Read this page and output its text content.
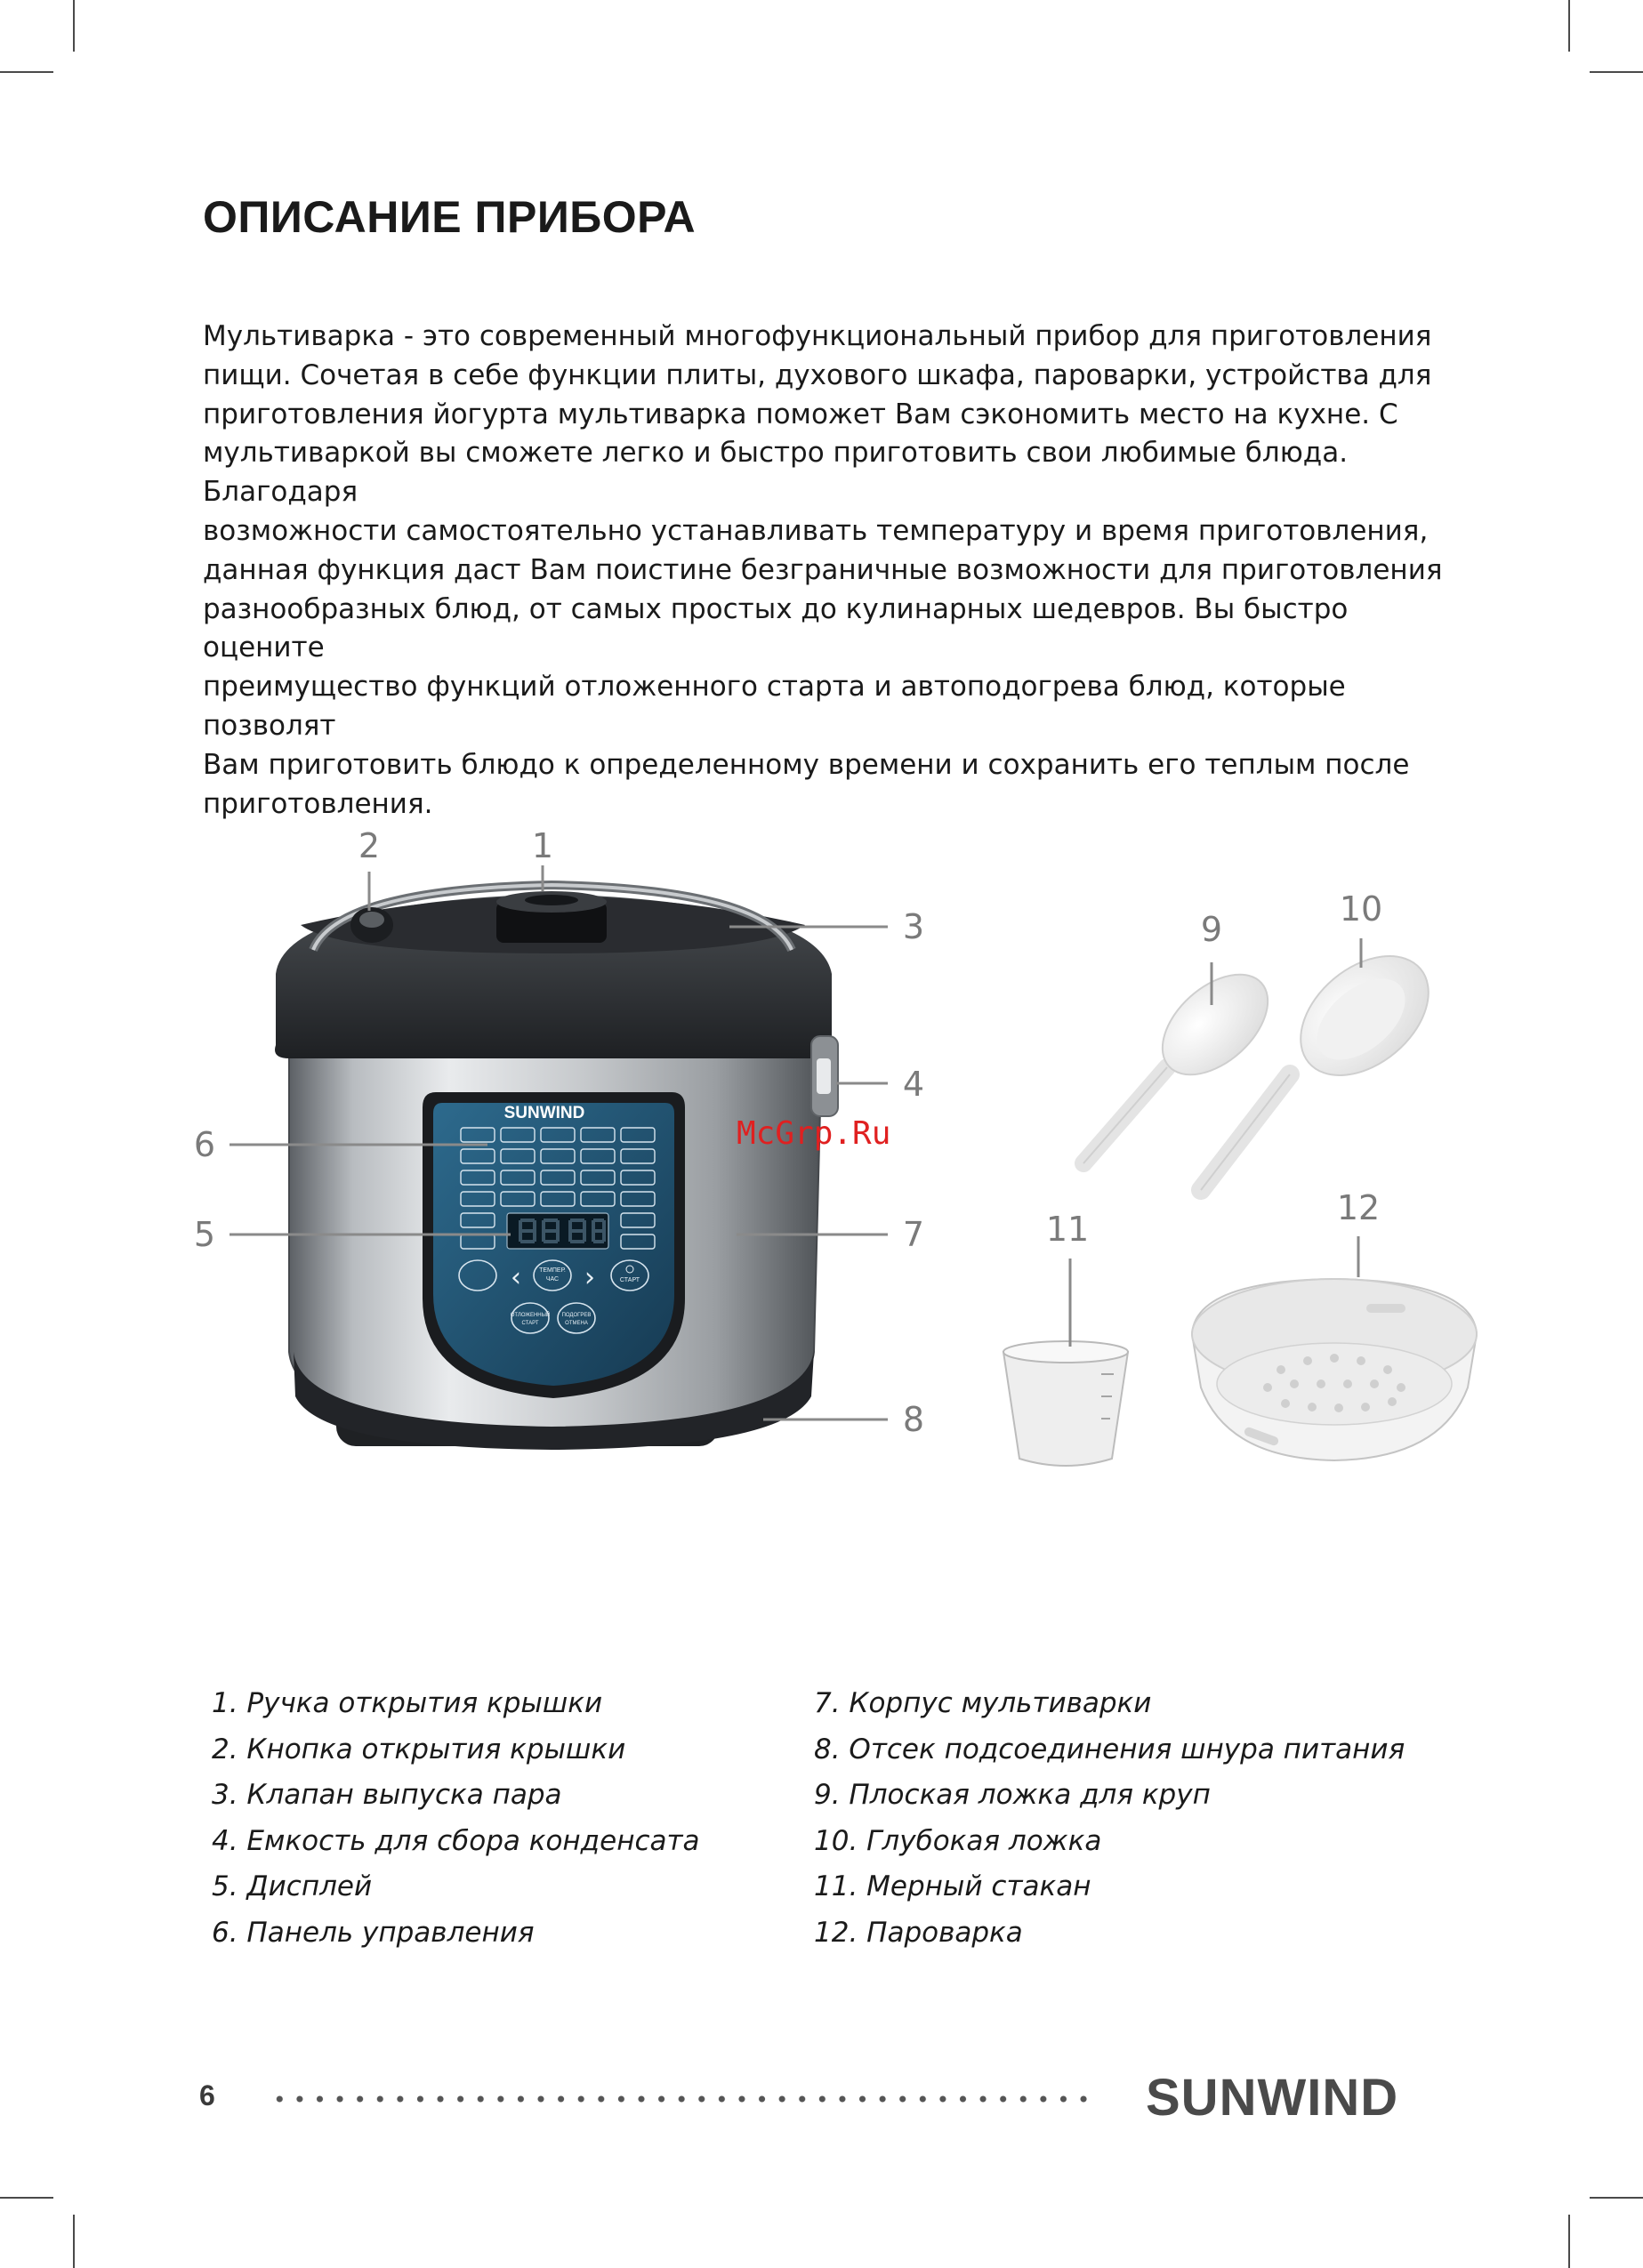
ОПИСАНИЕ ПРИБОРА

Мультиварка - это современный многофункциональный прибор для приготовления
пищи. Сочетая в себе функции плиты, духового шкафа, пароварки, устройства для
приготовления йогурта мультиварка поможет Вам сэкономить место на кухне. С
мультиваркой вы сможете легко и быстро приготовить свои любимые блюда. Благодаря
возможности самостоятельно устанавливать температуру и время приготовления,
данная функция даст Вам поистине безграничные возможности для приготовления
разнообразных блюд, от самых простых до кулинарных шедевров. Вы быстро оцените
преимущество функций отложенного старта и автоподогрева блюд, которые позволят
Вам приготовить блюдо к определенному времени и сохранить его теплым после
приготовления.

SUNWIND
‹	ТЕМПЕР.
ЧАС ›	СТАРТ
ОТЛОЖЕННЫЙ
СТАРТ
ПОДОГРЕВ
ОТМЕНА
McGrp.Ru
1
2
3
4
5
6
7
8
9
10
11
12
1. Ручка открытия крышки
2. Кнопка открытия крышки
3. Клапан выпуска пара
4. Емкость для сбора конденсата
5. Дисплей
6. Панель управления
7. Корпус мультиварки
8. Отсек подсоединения шнура питания
9. Плоская ложка для круп
10. Глубокая ложка
11. Мерный стакан
12. Пароварка
6	SUNWIND
